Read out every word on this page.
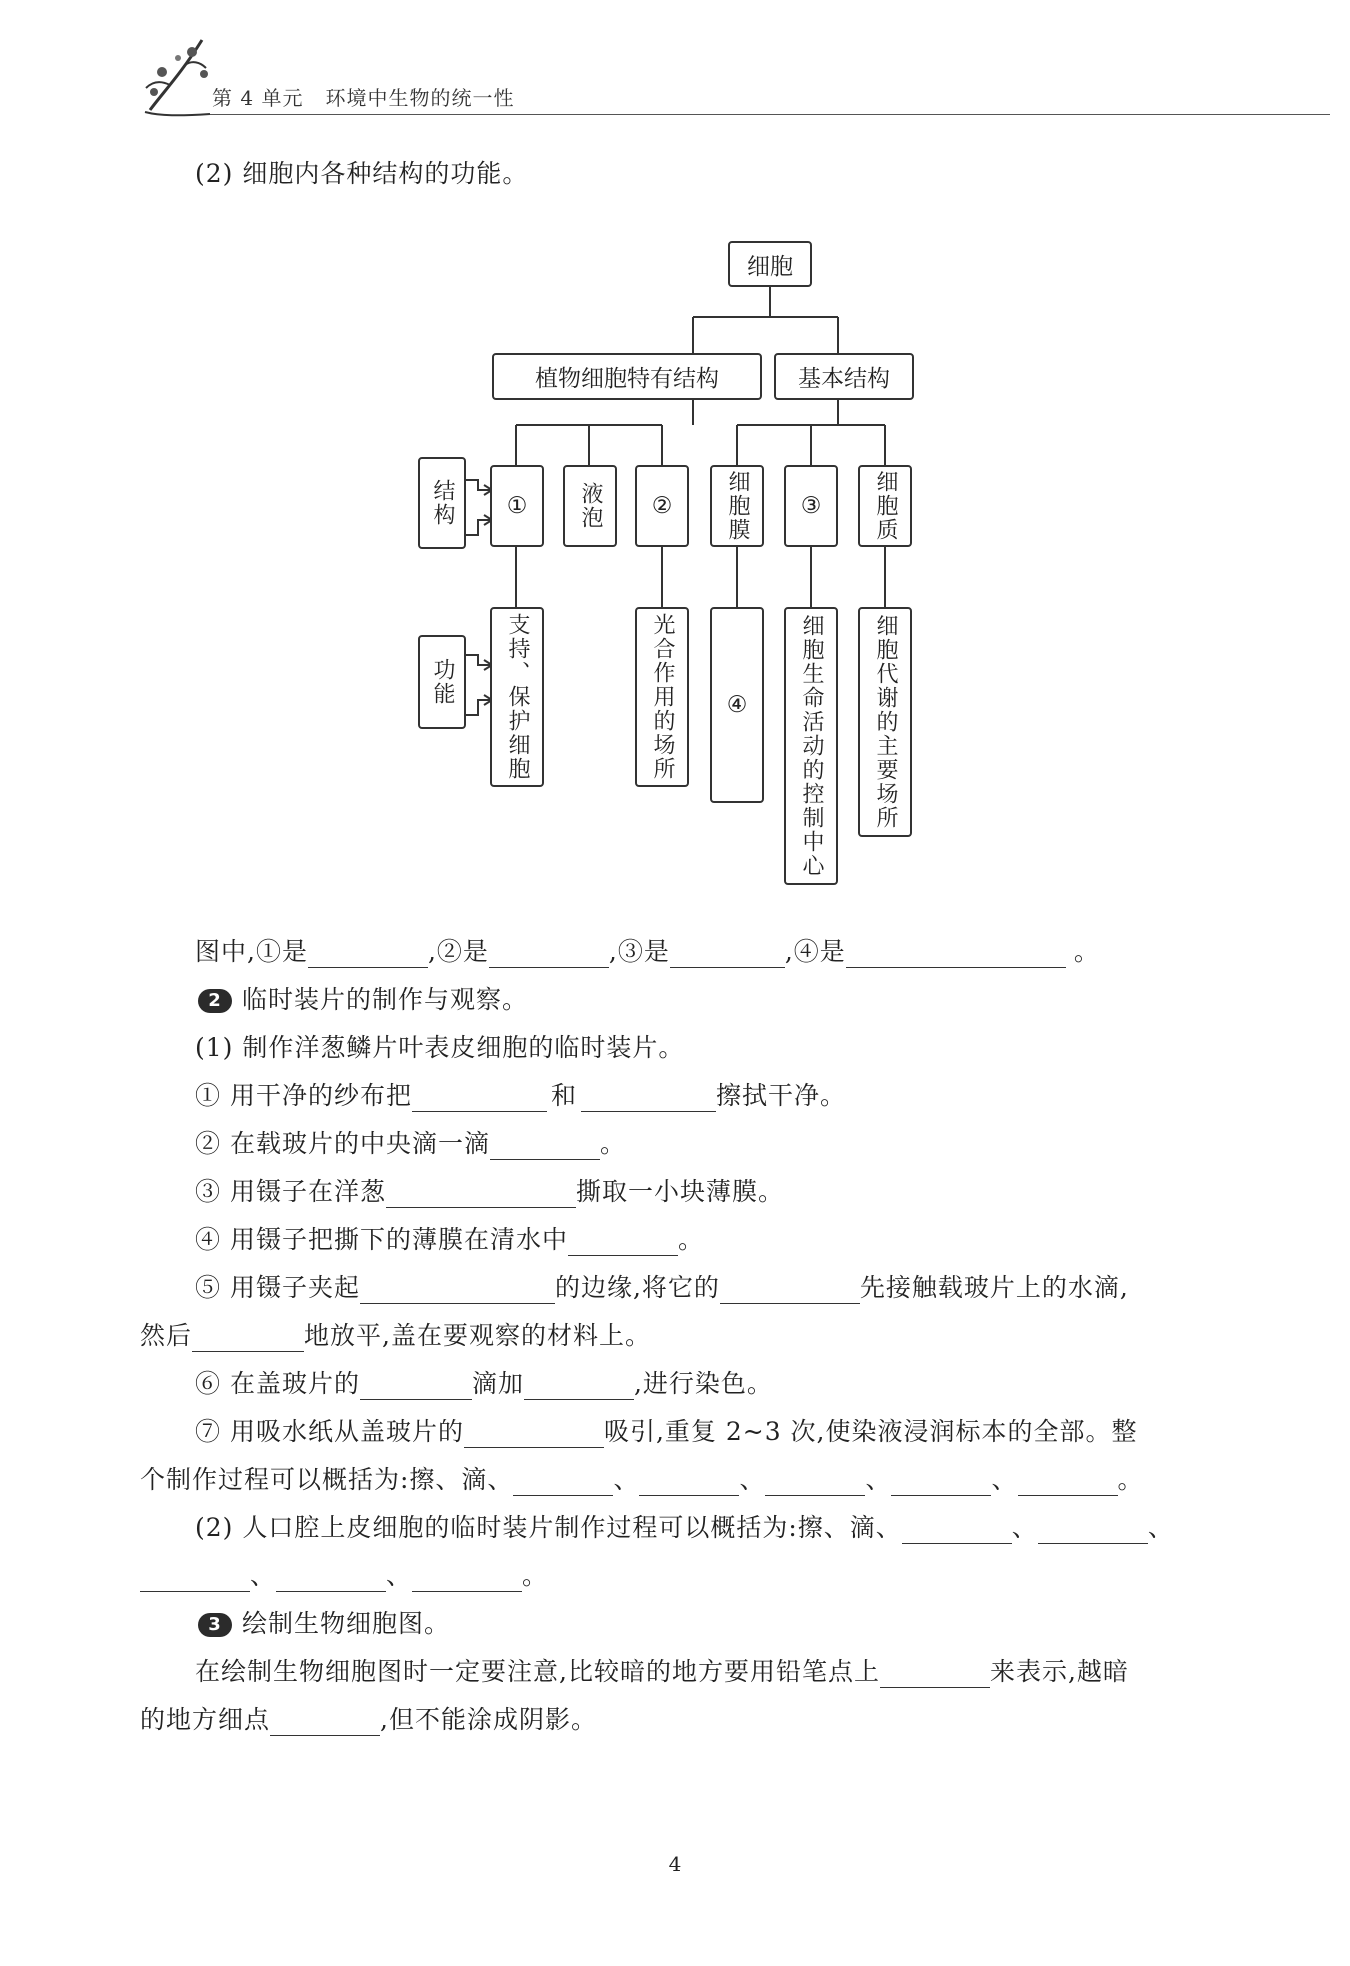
第 4 单元 环境中生物的统一性
(2) 细胞内各种结构的功能。
细胞
植物细胞特有结构	基本结构
结构 ① 液泡 ② 细胞膜 ③ 细胞质
功能 支持、保护细胞	光合作用的场所 ④ 细胞生命活动的控制中心 细胞代谢的主要场所
图中,①是	,②是	,③是	,④是	。
2 临时装片的制作与观察。
(1) 制作洋葱鳞片叶表皮细胞的临时装片。
① 用干净的纱布把	和	擦拭干净。
② 在载玻片的中央滴一滴	。
③ 用镊子在洋葱	撕取一小块薄膜。
④ 用镊子把撕下的薄膜在清水中	。
⑤ 用镊子夹起	的边缘,将它的	先接触载玻片上的水滴,
然后	地放平,盖在要观察的材料上。
⑥ 在盖玻片的	滴加	,进行染色。
⑦ 用吸水纸从盖玻片的	吸引,重复 2~3 次,使染液浸润标本的全部。整
个制作过程可以概括为:擦、滴、	、	、	、	、	。
(2) 人口腔上皮细胞的临时装片制作过程可以概括为:擦、滴、	、	、
、	、	。
3 绘制生物细胞图。
在绘制生物细胞图时一定要注意,比较暗的地方要用铅笔点上	来表示,越暗
的地方细点	,但不能涂成阴影。
4
